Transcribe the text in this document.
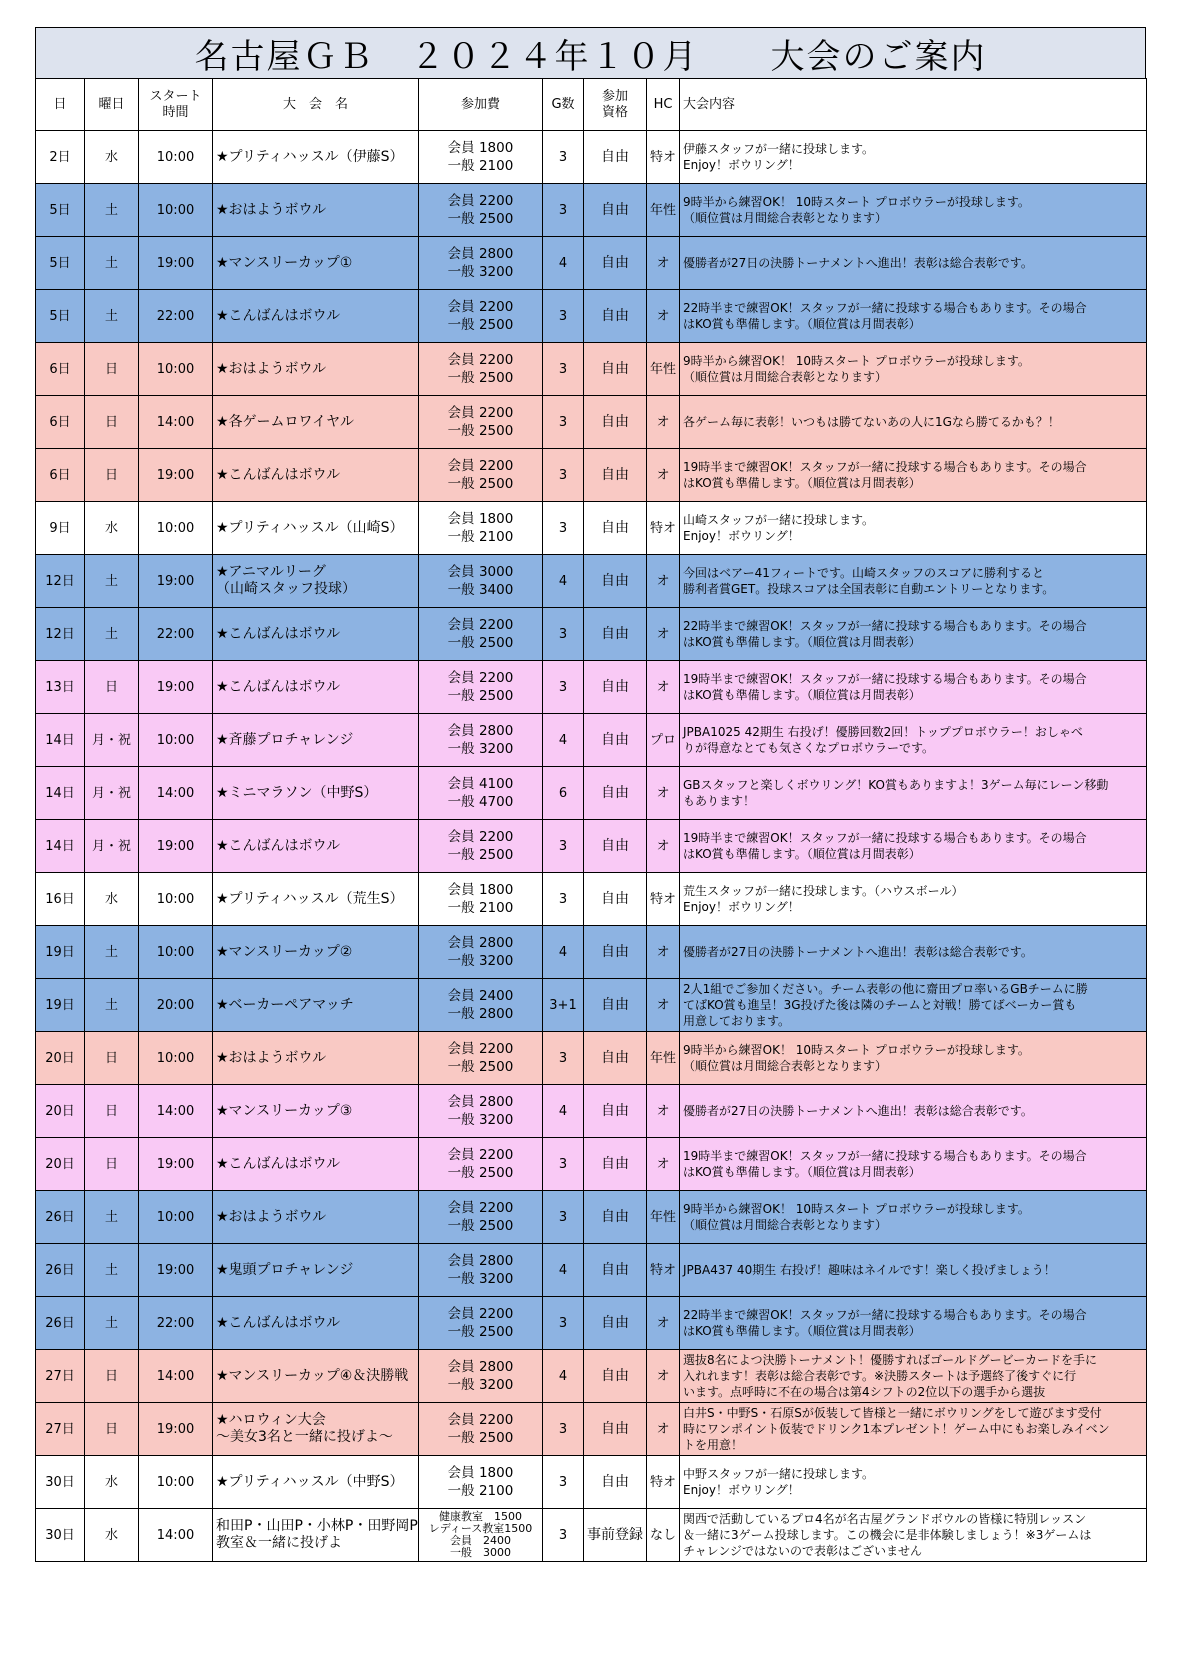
名古屋ＧＢ　２０２４年１０月　　大会のご案内
日	曜日	スタート
時間	大　会　名	参加費	G数	参加
資格	HC	大会内容
2日	水	10:00	★プリティハッスル（伊藤S）	会員 1800
一般 2100	3	自由	特オ	伊藤スタッフが一緒に投球します。
Enjoy！ボウリング！

5日	土	10:00	★おはようボウル	会員 2200
一般 2500	3	自由	年性	9時半から練習OK！ 10時スタート プロボウラーが投球します。
（順位賞は月間総合表彰となります）

5日	土	19:00	★マンスリーカップ①	会員 2800
一般 3200	4	自由	オ	優勝者が27日の決勝トーナメントへ進出！表彰は総合表彰です。

5日	土	22:00	★こんばんはボウル	会員 2200
一般 2500	3	自由	オ	22時半まで練習OK！スタッフが一緒に投球する場合もあります。その場合
はKO賞も準備します。（順位賞は月間表彰）

6日	日	10:00	★おはようボウル	会員 2200
一般 2500	3	自由	年性	9時半から練習OK！ 10時スタート プロボウラーが投球します。
（順位賞は月間総合表彰となります）

6日	日	14:00	★各ゲームロワイヤル	会員 2200
一般 2500	3	自由	オ	各ゲーム毎に表彰！いつもは勝てないあの人に1Gなら勝てるかも？！

6日	日	19:00	★こんばんはボウル	会員 2200
一般 2500	3	自由	オ	19時半まで練習OK！スタッフが一緒に投球する場合もあります。その場合
はKO賞も準備します。（順位賞は月間表彰）

9日	水	10:00	★プリティハッスル（山崎S）	会員 1800
一般 2100	3	自由	特オ	山崎スタッフが一緒に投球します。
Enjoy！ボウリング！

12日	土	19:00	★アニマルリーグ
（山崎スタッフ投球）	会員 3000
一般 3400	4	自由	オ	今回はベアー41フィートです。山崎スタッフのスコアに勝利すると
勝利者賞GET。投球スコアは全国表彰に自動エントリーとなります。

12日	土	22:00	★こんばんはボウル	会員 2200
一般 2500	3	自由	オ	22時半まで練習OK！スタッフが一緒に投球する場合もあります。その場合
はKO賞も準備します。（順位賞は月間表彰）

13日	日	19:00	★こんばんはボウル	会員 2200
一般 2500	3	自由	オ	19時半まで練習OK！スタッフが一緒に投球する場合もあります。その場合
はKO賞も準備します。（順位賞は月間表彰）

14日	月・祝	10:00	★斉藤プロチャレンジ	会員 2800
一般 3200	4	自由	プロ	JPBA1025 42期生 右投げ！優勝回数2回！トッププロボウラー！おしゃべ
りが得意なとても気さくなプロボウラーです。

14日	月・祝	14:00	★ミニマラソン（中野S）	会員 4100
一般 4700	6	自由	オ	GBスタッフと楽しくボウリング！KO賞もありますよ！3ゲーム毎にレーン移動
もあります！

14日	月・祝	19:00	★こんばんはボウル	会員 2200
一般 2500	3	自由	オ	19時半まで練習OK！スタッフが一緒に投球する場合もあります。その場合
はKO賞も準備します。（順位賞は月間表彰）

16日	水	10:00	★プリティハッスル（荒生S）	会員 1800
一般 2100	3	自由	特オ	荒生スタッフが一緒に投球します。（ハウスボール）
Enjoy！ボウリング！

19日	土	10:00	★マンスリーカップ②	会員 2800
一般 3200	4	自由	オ	優勝者が27日の決勝トーナメントへ進出！表彰は総合表彰です。

19日	土	20:00	★ベーカーペアマッチ	会員 2400
一般 2800	3+1	自由	オ	2人1組でご参加ください。チーム表彰の他に齋田プロ率いるGBチームに勝
てばKO賞も進呈！3G投げた後は隣のチームと対戦！勝てばベーカー賞も
用意しております。

20日	日	10:00	★おはようボウル	会員 2200
一般 2500	3	自由	年性	9時半から練習OK！ 10時スタート プロボウラーが投球します。
（順位賞は月間総合表彰となります）

20日	日	14:00	★マンスリーカップ③	会員 2800
一般 3200	4	自由	オ	優勝者が27日の決勝トーナメントへ進出！表彰は総合表彰です。

20日	日	19:00	★こんばんはボウル	会員 2200
一般 2500	3	自由	オ	19時半まで練習OK！スタッフが一緒に投球する場合もあります。その場合
はKO賞も準備します。（順位賞は月間表彰）

26日	土	10:00	★おはようボウル	会員 2200
一般 2500	3	自由	年性	9時半から練習OK！ 10時スタート プロボウラーが投球します。
（順位賞は月間総合表彰となります）

26日	土	19:00	★鬼頭プロチャレンジ	会員 2800
一般 3200	4	自由	特オ	JPBA437 40期生 右投げ！趣味はネイルです！楽しく投げましょう！

26日	土	22:00	★こんばんはボウル	会員 2200
一般 2500	3	自由	オ	22時半まで練習OK！スタッフが一緒に投球する場合もあります。その場合
はKO賞も準備します。（順位賞は月間表彰）

27日	日	14:00	★マンスリーカップ④＆決勝戦	会員 2800
一般 3200	4	自由	オ	選抜8名によつ決勝トーナメント！優勝すればゴールドグービーカードを手に
入れれます！表彰は総合表彰です。※決勝スタートは予選終了後すぐに行
います。点呼時に不在の場合は第4シフトの2位以下の選手から選抜

27日	日	19:00	★ハロウィン大会
～美女3名と一緒に投げよ～	会員 2200
一般 2500	3	自由	オ	白井S・中野S・石原Sが仮装して皆様と一緒にボウリングをして遊びます受付
時にワンポイント仮装でドリンク1本プレゼント！ゲーム中にもお楽しみイベン
トを用意！

30日	水	10:00	★プリティハッスル（中野S）	会員 1800
一般 2100	3	自由	特オ	中野スタッフが一緒に投球します。
Enjoy！ボウリング！

30日	水	14:00	和田P・山田P・小林P・田野岡P
教室＆一緒に投げよ	健康教室　1500
レディース教室1500
会員　2400
一般　3000	3	事前登録	なし	関西で活動しているプロ4名が名古屋グランドボウルの皆様に特別レッスン
＆一緒に3ゲーム投球します。この機会に是非体験しましょう！※3ゲームは
チャレンジではないので表彰はございません
